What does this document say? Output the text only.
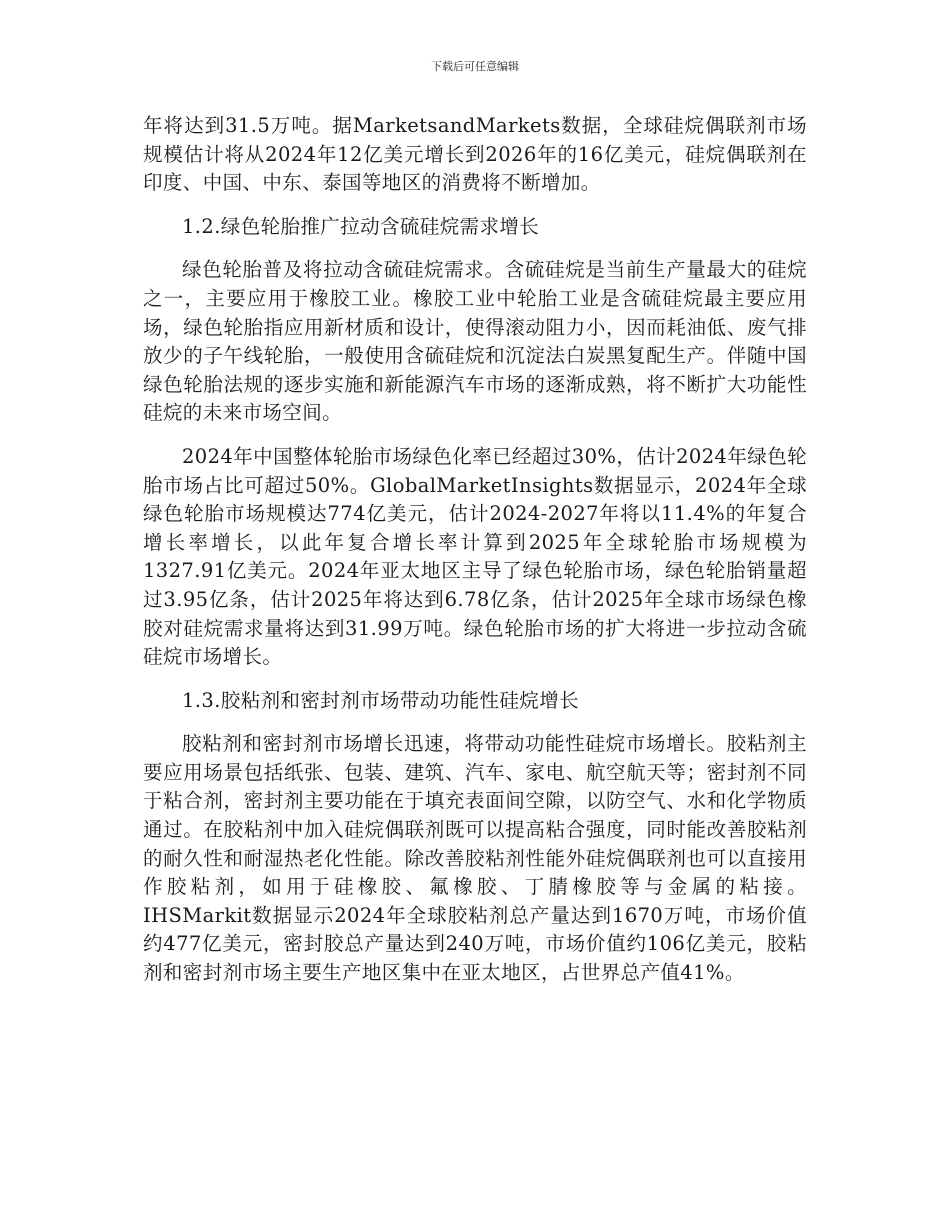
下载后可任意编辑

年将达到31.5万吨。据MarketsandMarkets数据，全球硅烷偶联剂市场规模估计将从2024年12亿美元增长到2026年的16亿美元，硅烷偶联剂在印度、中国、中东、泰国等地区的消费将不断增加。

1.2.绿色轮胎推广拉动含硫硅烷需求增长

绿色轮胎普及将拉动含硫硅烷需求。含硫硅烷是当前生产量最大的硅烷之一，主要应用于橡胶工业。橡胶工业中轮胎工业是含硫硅烷最主要应用场，绿色轮胎指应用新材质和设计，使得滚动阻力小，因而耗油低、废气排放少的子午线轮胎，一般使用含硫硅烷和沉淀法白炭黑复配生产。伴随中国绿色轮胎法规的逐步实施和新能源汽车市场的逐渐成熟，将不断扩大功能性硅烷的未来市场空间。

2024年中国整体轮胎市场绿色化率已经超过30%，估计2024年绿色轮胎市场占比可超过50%。GlobalMarketInsights数据显示，2024年全球绿色轮胎市场规模达774亿美元，估计2024-2027年将以11.4%的年复合增长率增长，以此年复合增长率计算到2025年全球轮胎市场规模为1327.91亿美元。2024年亚太地区主导了绿色轮胎市场，绿色轮胎销量超过3.95亿条，估计2025年将达到6.78亿条，估计2025年全球市场绿色橡胶对硅烷需求量将达到31.99万吨。绿色轮胎市场的扩大将进一步拉动含硫硅烷市场增长。

1.3.胶粘剂和密封剂市场带动功能性硅烷增长

胶粘剂和密封剂市场增长迅速，将带动功能性硅烷市场增长。胶粘剂主要应用场景包括纸张、包装、建筑、汽车、家电、航空航天等；密封剂不同于粘合剂，密封剂主要功能在于填充表面间空隙，以防空气、水和化学物质通过。在胶粘剂中加入硅烷偶联剂既可以提高粘合强度，同时能改善胶粘剂的耐久性和耐湿热老化性能。除改善胶粘剂性能外硅烷偶联剂也可以直接用作胶粘剂，如用于硅橡胶、氟橡胶、丁腈橡胶等与金属的粘接。IHSMarkit数据显示2024年全球胶粘剂总产量达到1670万吨，市场价值约477亿美元，密封胶总产量达到240万吨，市场价值约106亿美元，胶粘剂和密封剂市场主要生产地区集中在亚太地区，占世界总产值41%。
